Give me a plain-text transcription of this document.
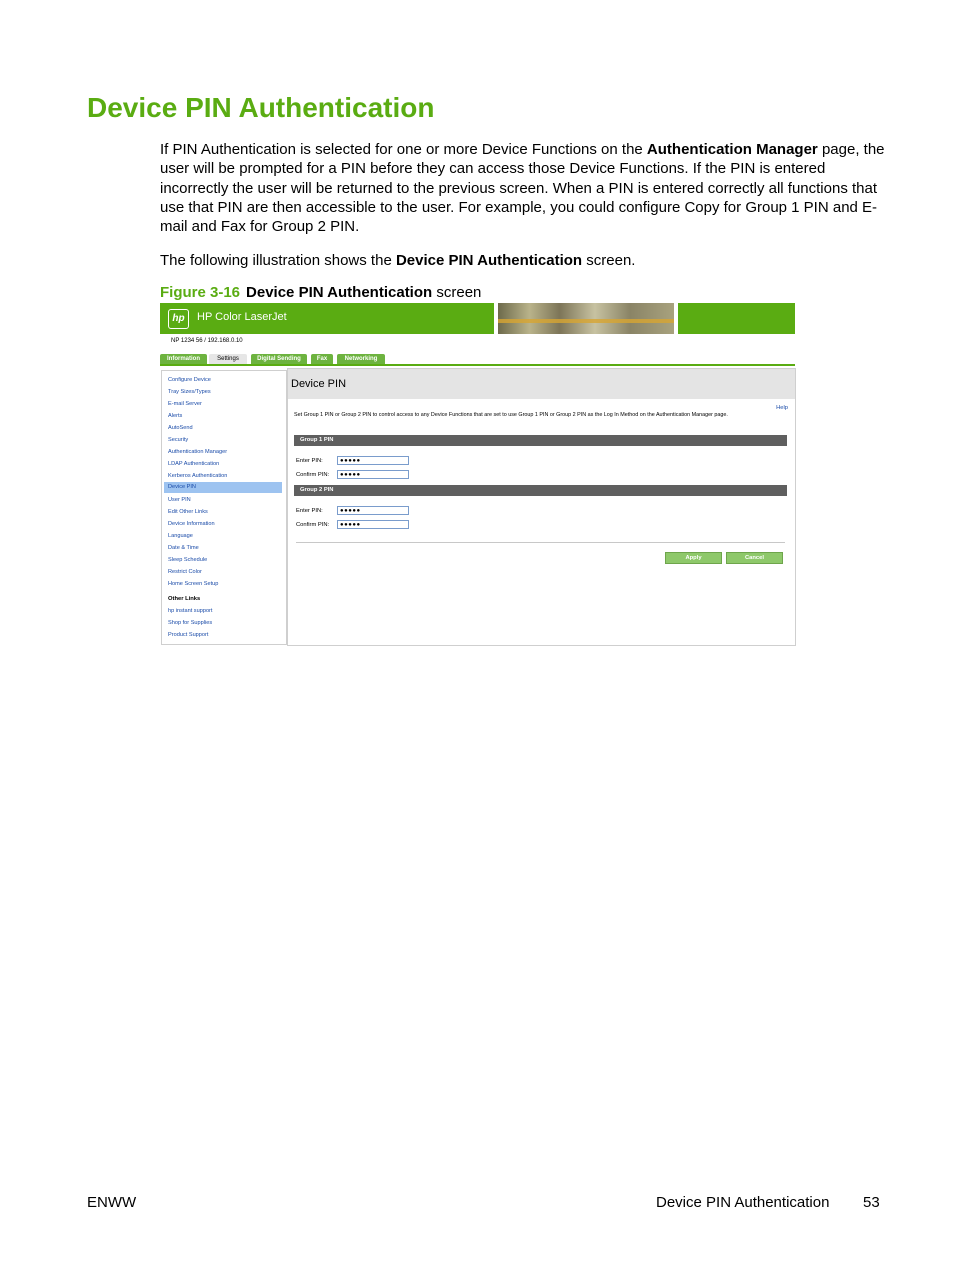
Device PIN Authentication

If PIN Authentication is selected for one or more Device Functions on the Authentication Manager page, the user will be prompted for a PIN before they can access those Device Functions. If the PIN is entered incorrectly the user will be returned to the previous screen. When a PIN is entered correctly all functions that use that PIN are then accessible to the user. For example, you could configure Copy for Group 1 PIN and E-mail and Fax for Group 2 PIN.

The following illustration shows the Device PIN Authentication screen.

Figure 3-16 Device PIN Authentication screen
hp	HP Color LaserJet
NP 1234 56 / 192.168.0.10
Information	Settings	Digital Sending	Fax	Networking
Configure Device
Tray Sizes/Types
E-mail Server
Alerts
AutoSend
Security
Authentication Manager
LDAP Authentication
Kerberos Authentication
Device PIN
User PIN
Edit Other Links
Device Information
Language
Date & Time
Sleep Schedule
Restrict Color
Home Screen Setup
Other Links
hp instant support
Shop for Supplies
Product Support
Device PIN
Help
Set Group 1 PIN or Group 2 PIN to control access to any Device Functions that are set to use Group 1 PIN or Group 2 PIN as the Log In Method on the Authentication Manager page.
Group 1 PIN
Enter PIN:	●●●●●
Confirm PIN:	●●●●●
Group 2 PIN
Enter PIN:	●●●●●
Confirm PIN:	●●●●●
Apply	Cancel
ENWW	Device PIN Authentication 53
